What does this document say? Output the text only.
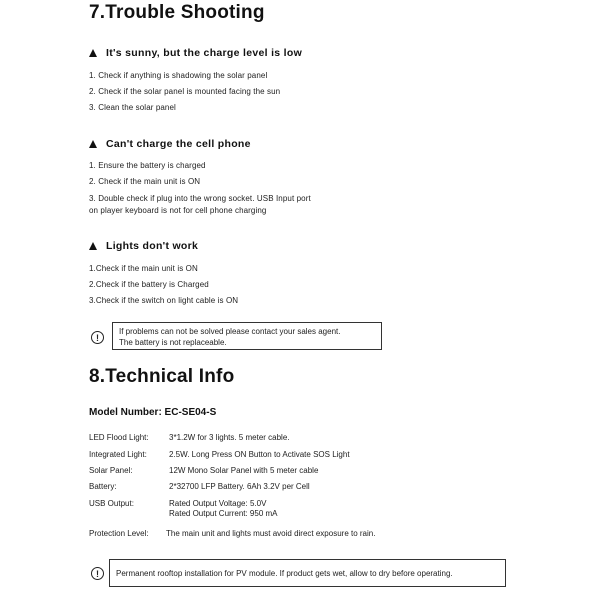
7.Trouble Shooting
It's sunny, but the charge level is low
1. Check if anything is shadowing the solar panel
2. Check if the solar panel is mounted facing the sun
3. Clean the solar panel
Can't charge the cell phone
1. Ensure the battery is charged
2. Check if the main unit is ON
3. Double check if plug into the wrong socket. USB Input port
on player keyboard is not for cell phone charging
Lights don't work
1.Check if the main unit is ON
2.Check if the battery is Charged
3.Check if the switch on light cable is ON
!
If problems can not be solved please contact your sales agent.
The battery is not replaceable.
8.Technical Info
Model Number: EC-SE04-S
LED Flood Light:	3*1.2W for 3 lights. 5 meter cable.
Integrated Light:	2.5W. Long Press ON Button to Activate SOS Light
Solar Panel:	12W Mono Solar Panel with 5 meter cable
Battery:	2*32700 LFP Battery. 6Ah 3.2V per Cell
USB Output:	Rated Output Voltage: 5.0V
Rated Output Current: 950 mA
Protection Level: The main unit and lights must avoid direct exposure to rain.
!	Permanent rooftop installation for PV module. If product gets wet, allow to dry before operating.
